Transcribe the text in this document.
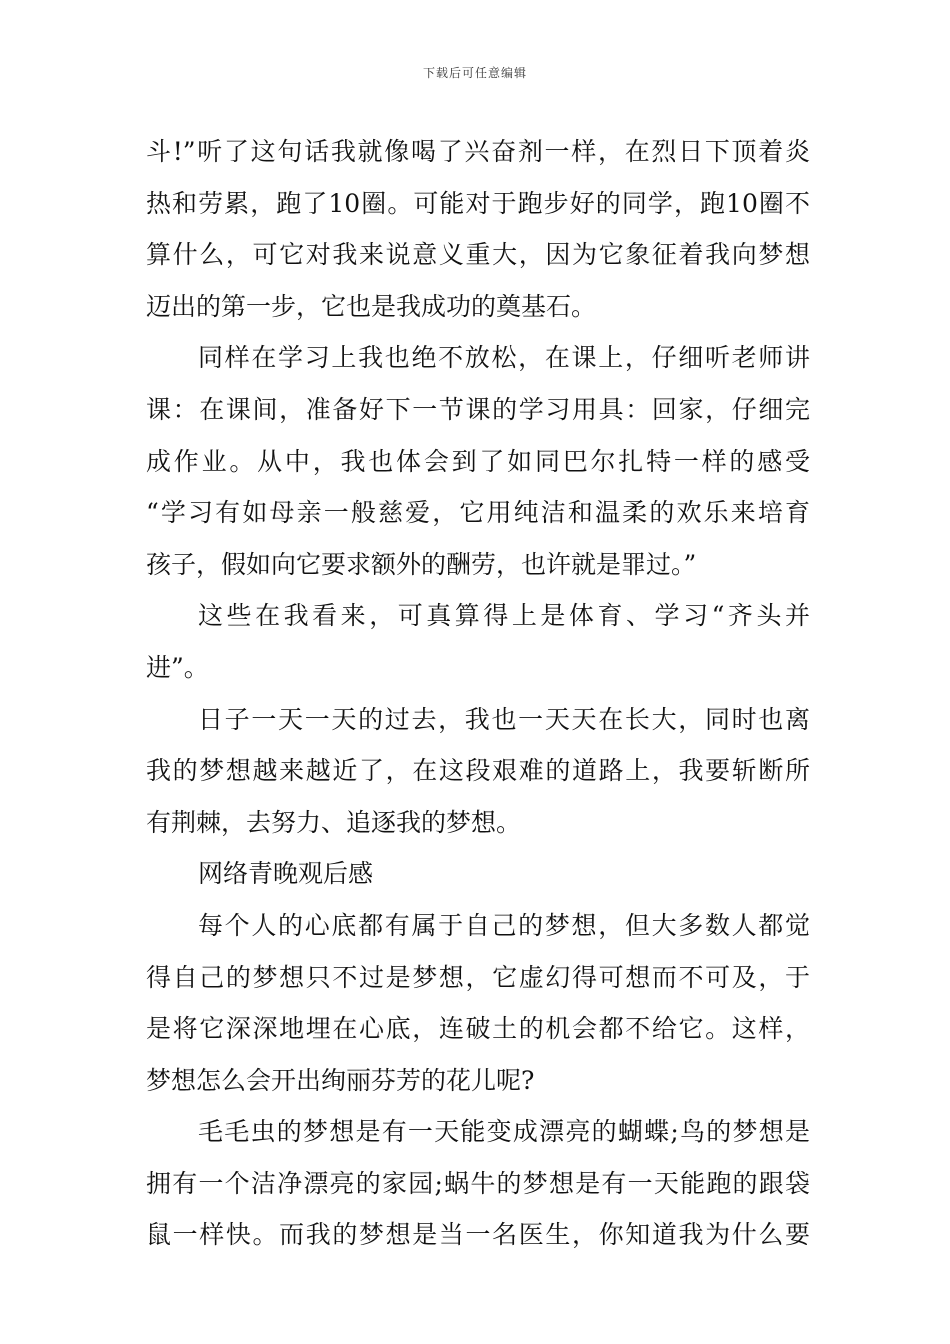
下载后可任意编辑
斗!”听了这句话我就像喝了兴奋剂一样，在烈日下顶着炎
热和劳累，跑了10圈。可能对于跑步好的同学，跑10圈不
算什么，可它对我来说意义重大，因为它象征着我向梦想
迈出的第一步，它也是我成功的奠基石。
同样在学习上我也绝不放松，在课上，仔细听老师讲
课：在课间，准备好下一节课的学习用具：回家，仔细完
成作业。从中，我也体会到了如同巴尔扎特一样的感受
“学习有如母亲一般慈爱，它用纯洁和温柔的欢乐来培育
孩子，假如向它要求额外的酬劳，也许就是罪过。”
这些在我看来，可真算得上是体育、学习“齐头并
进”。
日子一天一天的过去，我也一天天在长大，同时也离
我的梦想越来越近了，在这段艰难的道路上，我要斩断所
有荆棘，去努力、追逐我的梦想。
网络青晚观后感
每个人的心底都有属于自己的梦想，但大多数人都觉
得自己的梦想只不过是梦想，它虚幻得可想而不可及，于
是将它深深地埋在心底，连破土的机会都不给它。这样，
梦想怎么会开出绚丽芬芳的花儿呢?
毛毛虫的梦想是有一天能变成漂亮的蝴蝶;鸟的梦想是
拥有一个洁净漂亮的家园;蜗牛的梦想是有一天能跑的跟袋
鼠一样快。而我的梦想是当一名医生，你知道我为什么要
